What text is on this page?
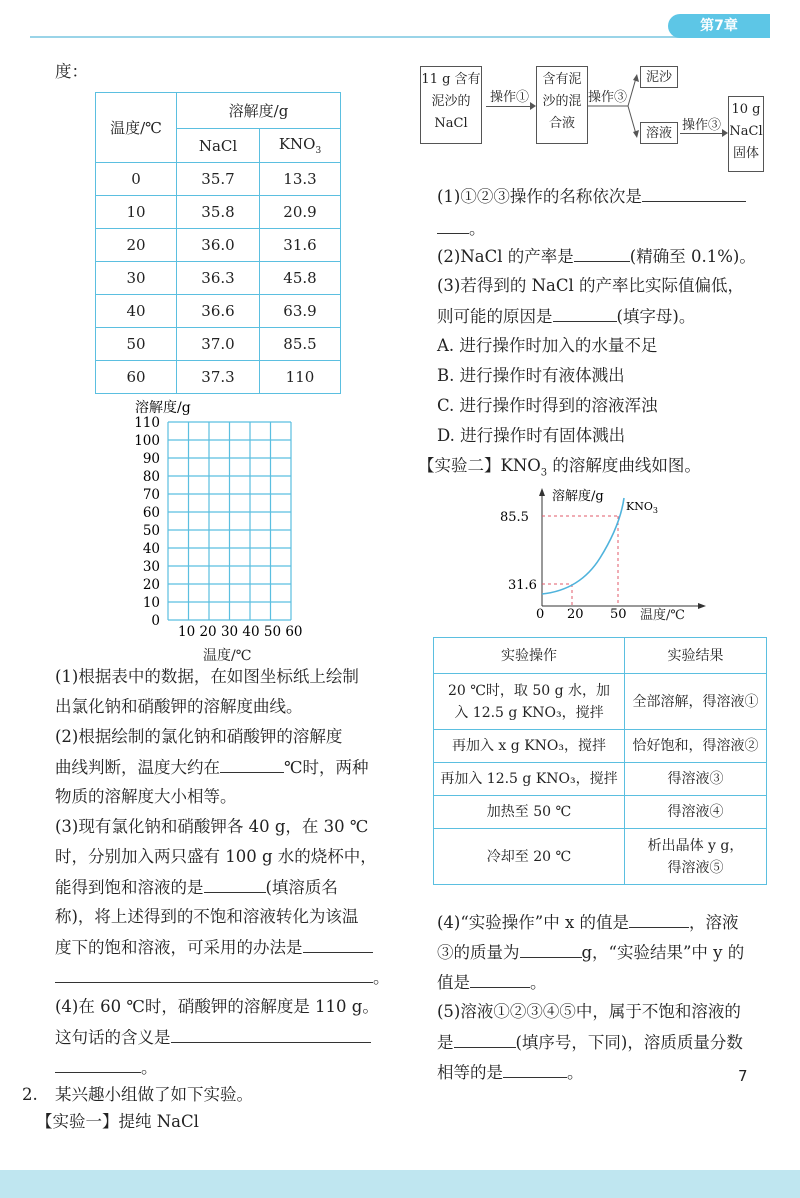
第7章
度：
温度/℃	溶解度/g	
	NaCl	$KNO_3$
0	35.7	13.3
10	35.8	20.9
20	36.0	31.6
30	36.3	45.8
40	36.6	63.9
50	37.0	85.5
60	37.3	110
溶解度/g
110
100
90
80
70
60
50
40
30
20
10
0
10 20 30 40 50 60
温度/℃
(1)根据表中的数据，在如图坐标纸上绘制
出氯化钠和硝酸钾的溶解度曲线。
(2)根据绘制的氯化钠和硝酸钾的溶解度
曲线判断，温度大约在	℃时，两种
物质的溶解度大小相等。
(3)现有氯化钠和硝酸钾各 40 g，在 30 ℃
时，分别加入两只盛有 100 g 水的烧杯中，
能得到饱和溶液的是	(填溶质名
称)，将上述得到的不饱和溶液转化为该温
度下的饱和溶液，可采用的办法是
。
(4)在 60 ℃时，硝酸钾的溶解度是 110 g。
这句话的含义是
。
2. 某兴趣小组做了如下实验。
【实验一】提纯 NaCl
11 g 含有
泥沙的
NaCl
操作①
含有泥
沙的混
合液
操作③
泥沙
溶液
操作③
10 g
NaCl
固体
(1)①②③操作的名称依次是
。
(2)NaCl 的产率是	(精确至 0.1%)。
(3)若得到的 NaCl 的产率比实际值偏低，
则可能的原因是	(填字母)。
A. 进行操作时加入的水量不足
B. 进行操作时有液体溅出
C. 进行操作时得到的溶液浑浊
D. 进行操作时有固体溅出
【实验二】$KNO_3$ 的溶解度曲线如图。
溶解度/g
85.5
31.6
0 20 50
$KNO_3$
温度/℃
实验操作	实验结果

20 ℃时，取 50 g 水，加
入 12.5 g KNO₃，搅拌	全部溶解，得溶液①

再加入 x g KNO₃，搅拌	恰好饱和，得溶液②

再加入 12.5 g KNO₃，搅拌	得溶液③

加热至 50 ℃	得溶液④

冷却至 20 ℃	析出晶体 y g，
得溶液⑤
(4)“实验操作”中 x 的值是	，溶液
③的质量为	g，“实验结果”中 y 的
值是	。
(5)溶液①②③④⑤中，属于不饱和溶液的
是	(填序号，下同)，溶质质量分数
相等的是	。	7
